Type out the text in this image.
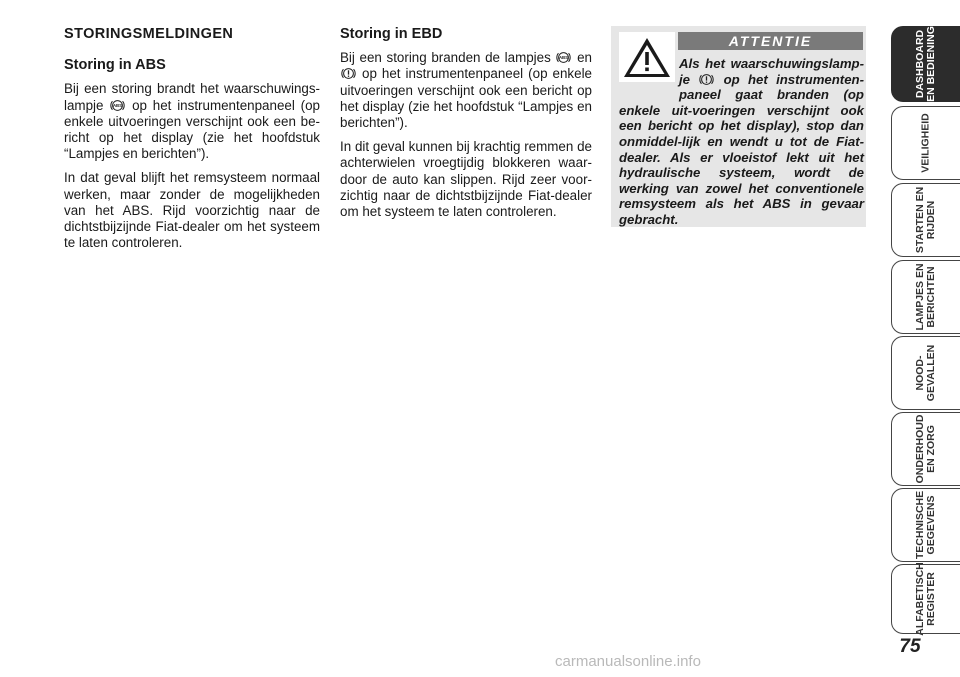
STORINGSMELDINGEN
Storing in ABS

Bij een storing brandt het waarschuwings-lampje ABS op het instrumentenpaneel (op enkele uitvoeringen verschijnt ook een be-richt op het display (zie het hoofdstuk “Lampjes en berichten”).

In dat geval blijft het remsysteem normaal werken, maar zonder de mogelijkheden van het ABS. Rijd voorzichtig naar de dichtstbijzijnde Fiat-dealer om het systeem te laten controleren.

Storing in EBD

Bij een storing branden de lampjes ABS en
op het instrumentenpaneel (op enkele uitvoeringen verschijnt ook een bericht op het display (zie het hoofdstuk “Lampjes en berichten”).

In dit geval kunnen bij krachtig remmen de achterwielen vroegtijdig blokkeren waar-door de auto kan slippen. Rijd zeer voor-zichtig naar de dichtstbijzijnde Fiat-dealer om het systeem te laten controleren.

ATTENTIE
Als het waarschuwingslamp-je	op het instrumenten-paneel gaat branden (op enkele uit-voeringen verschijnt ook een bericht op het display), stop dan onmiddel-lijk en wendt u tot de Fiat-dealer. Als er vloeistof lekt uit het hydraulische systeem, wordt de werking van zowel het conventionele remsysteem als het ABS in gevaar gebracht.
DASHBOARD
EN BEDIENING
VEILIGHEID
STARTEN EN
RIJDEN
LAMPJES EN
BERICHTEN
NOOD-
GEVALLEN
ONDERHOUD
EN ZORG
TECHNISCHE
GEGEVENS
ALFABETISCH
REGISTER
75
carmanualsonline.info
